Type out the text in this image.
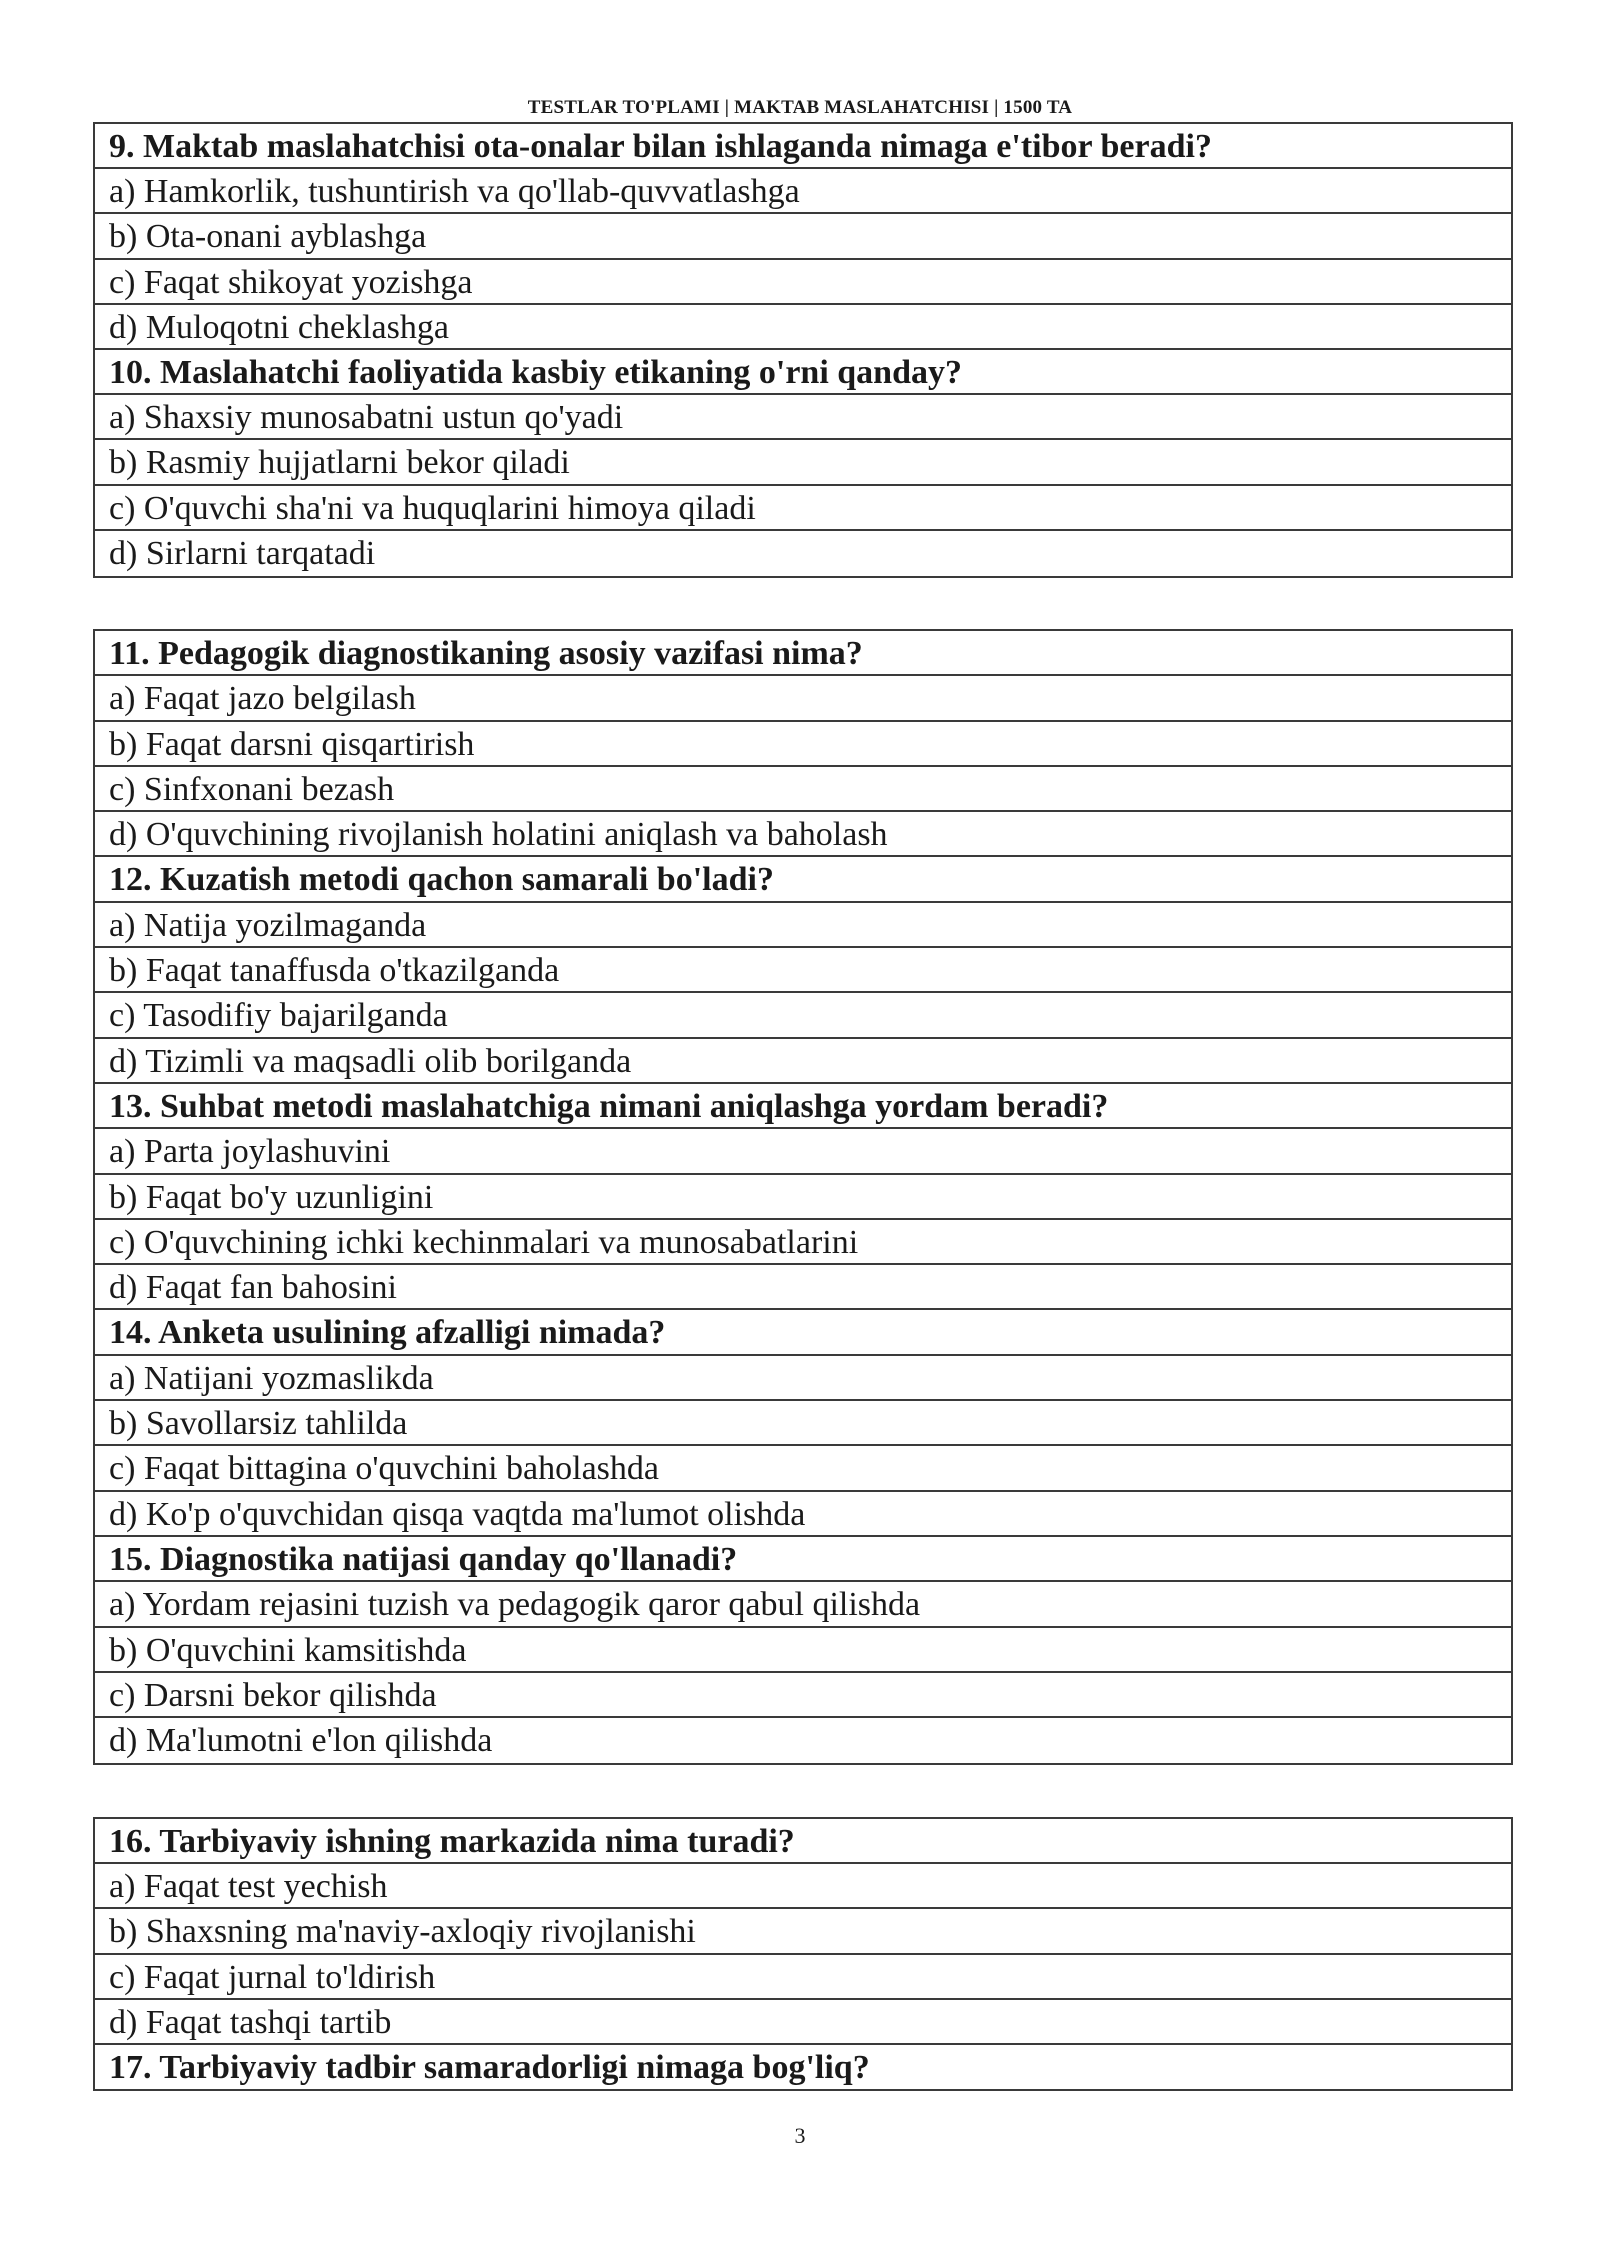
TESTLAR TO'PLAMI | MAKTAB MASLAHATCHISI | 1500 TA
9. Maktab maslahatchisi ota-onalar bilan ishlaganda nimaga e'tibor beradi?
a) Hamkorlik, tushuntirish va qo'llab-quvvatlashga
b) Ota-onani ayblashga
c) Faqat shikoyat yozishga
d) Muloqotni cheklashga
10. Maslahatchi faoliyatida kasbiy etikaning o'rni qanday?
a) Shaxsiy munosabatni ustun qo'yadi
b) Rasmiy hujjatlarni bekor qiladi
c) O'quvchi sha'ni va huquqlarini himoya qiladi
d) Sirlarni tarqatadi
11. Pedagogik diagnostikaning asosiy vazifasi nima?
a) Faqat jazo belgilash
b) Faqat darsni qisqartirish
c) Sinfxonani bezash
d) O'quvchining rivojlanish holatini aniqlash va baholash
12. Kuzatish metodi qachon samarali bo'ladi?
a) Natija yozilmaganda
b) Faqat tanaffusda o'tkazilganda
c) Tasodifiy bajarilganda
d) Tizimli va maqsadli olib borilganda
13. Suhbat metodi maslahatchiga nimani aniqlashga yordam beradi?
a) Parta joylashuvini
b) Faqat bo'y uzunligini
c) O'quvchining ichki kechinmalari va munosabatlarini
d) Faqat fan bahosini
14. Anketa usulining afzalligi nimada?
a) Natijani yozmaslikda
b) Savollarsiz tahlilda
c) Faqat bittagina o'quvchini baholashda
d) Ko'p o'quvchidan qisqa vaqtda ma'lumot olishda
15. Diagnostika natijasi qanday qo'llanadi?
a) Yordam rejasini tuzish va pedagogik qaror qabul qilishda
b) O'quvchini kamsitishda
c) Darsni bekor qilishda
d) Ma'lumotni e'lon qilishda
16. Tarbiyaviy ishning markazida nima turadi?
a) Faqat test yechish
b) Shaxsning ma'naviy-axloqiy rivojlanishi
c) Faqat jurnal to'ldirish
d) Faqat tashqi tartib
17. Tarbiyaviy tadbir samaradorligi nimaga bog'liq?
3
